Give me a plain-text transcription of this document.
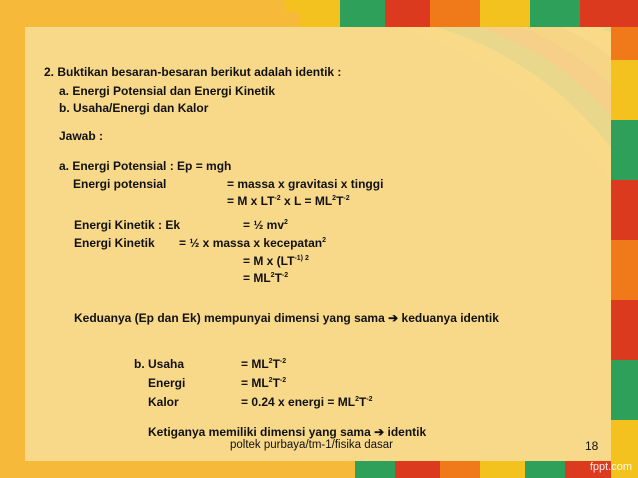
2. Buktikan besaran-besaran berikut adalah identik :
a. Energi Potensial dan Energi Kinetik
b. Usaha/Energi dan Kalor
Jawab :
a. Energi Potensial : Ep = mgh
Energi potensial	= massa x gravitasi x tinggi
= M x $LT^{-2}$ x $L = ML^2T^{-2}$
Energi Kinetik : Ek	= ½ $mv^2$
Energi Kinetik = ½ x massa x kecepatan$^2$
= M x ($LT^{-1) 2}$
= $ML^2T^{-2}$
Keduanya (Ep dan Ek) mempunyai dimensi yang sama ➔ keduanya identik
b. Usaha	= $ML^2T^{-2}$
Energi	= $ML^2T^{-2}$
Kalor	= 0.24 x energi = $ML^2T^{-2}$
Ketiganya memiliki dimensi yang sama ➔ identik
poltek purbaya/tm-1/fisika dasar	18
fppt.com
